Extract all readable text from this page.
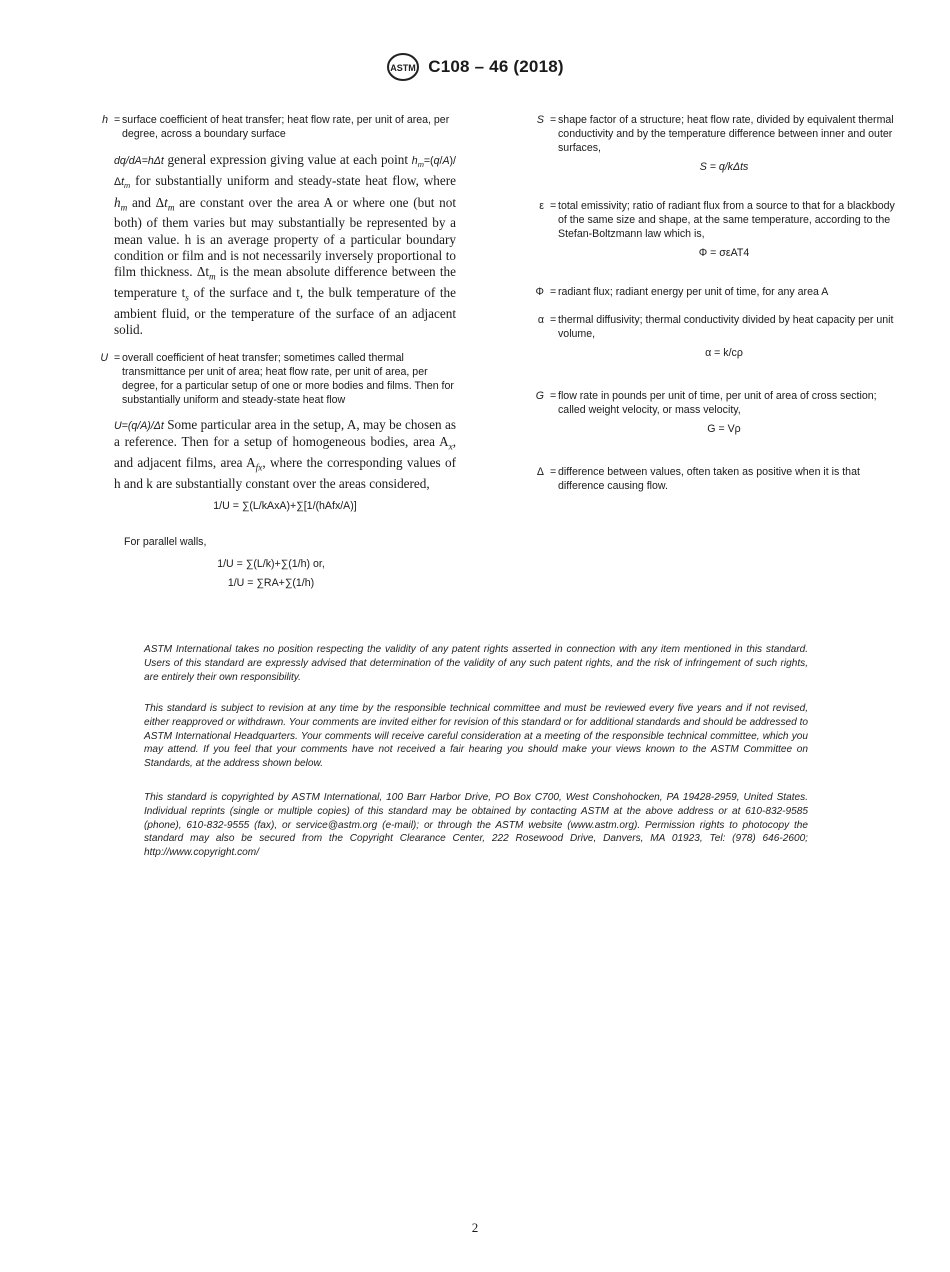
ASTM C108 – 46 (2018)
h = surface coefficient of heat transfer; heat flow rate, per unit of area, per degree, across a boundary surface
dq/dA=hΔt general expression giving value at each point $h_m=(q/A)/\Delta t_m$ for substantially uniform and steady-state heat flow, where $h_m$ and $\Delta t_m$ are constant over the area A or where one (but not both) of them varies but may substantially be represented by a mean value. h is an average property of a particular boundary condition or film and is not necessarily inversely proportional to film thickness. $\Delta t_m$ is the mean absolute difference between the temperature $t_s$ of the surface and t, the bulk temperature of the ambient fluid, or the temperature of the surface of an adjacent solid.
U = overall coefficient of heat transfer; sometimes called thermal transmittance per unit of area; heat flow rate, per unit of area, per degree, for a particular setup of one or more bodies and films. Then for substantially uniform and steady-state heat flow
U=(q/A)/Δt Some particular area in the setup, A, may be chosen as a reference. Then for a setup of homogeneous bodies, area $A_x$, and adjacent films, area $A_{fx}$, where the corresponding values of h and k are substantially constant over the areas considered,
1/U = ∑(L/kAxA)+∑[1/(hAfx/A)]
For parallel walls,
1/U = ∑(L/k)+∑(1/h) or,
1/U = ∑RA+∑(1/h)
S = shape factor of a structure; heat flow rate, divided by equivalent thermal conductivity and by the temperature difference between inner and outer surfaces,
S = q/kΔts
ε = total emissivity; ratio of radiant flux from a source to that for a blackbody of the same size and shape, at the same temperature, according to the Stefan-Boltzmann law which is,
Φ = σεAT4
Φ = radiant flux; radiant energy per unit of time, for any area A
α = thermal diffusivity; thermal conductivity divided by heat capacity per unit volume,
α = k/cρ
G = flow rate in pounds per unit of time, per unit of area of cross section; called weight velocity, or mass velocity,
G = Vρ
Δ = difference between values, often taken as positive when it is that difference causing flow.
ASTM International takes no position respecting the validity of any patent rights asserted in connection with any item mentioned in this standard. Users of this standard are expressly advised that determination of the validity of any such patent rights, and the risk of infringement of such rights, are entirely their own responsibility.
This standard is subject to revision at any time by the responsible technical committee and must be reviewed every five years and if not revised, either reapproved or withdrawn. Your comments are invited either for revision of this standard or for additional standards and should be addressed to ASTM International Headquarters. Your comments will receive careful consideration at a meeting of the responsible technical committee, which you may attend. If you feel that your comments have not received a fair hearing you should make your views known to the ASTM Committee on Standards, at the address shown below.
This standard is copyrighted by ASTM International, 100 Barr Harbor Drive, PO Box C700, West Conshohocken, PA 19428-2959, United States. Individual reprints (single or multiple copies) of this standard may be obtained by contacting ASTM at the above address or at 610-832-9585 (phone), 610-832-9555 (fax), or service@astm.org (e-mail); or through the ASTM website (www.astm.org). Permission rights to photocopy the standard may also be secured from the Copyright Clearance Center, 222 Rosewood Drive, Danvers, MA 01923, Tel: (978) 646-2600; http://www.copyright.com/
2
